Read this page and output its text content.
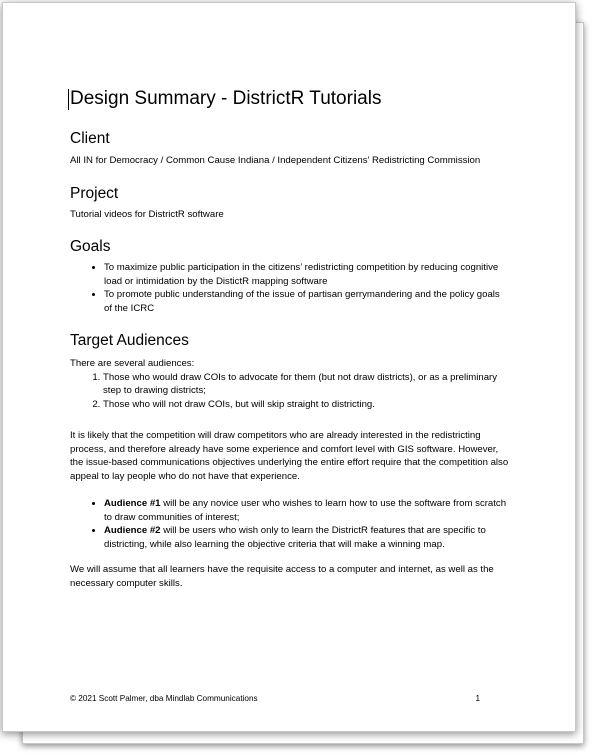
Design Summary - DistrictR Tutorials
Client

All IN for Democracy / Common Cause Indiana / Independent Citizens’ Redistricting Commission

Project

Tutorial videos for DistrictR software

Goals
• To maximize public participation in the citizens’ redistricting competition by reducing cognitive load or intimidation by the DistictR mapping software
• To promote public understanding of the issue of partisan gerrymandering and the policy goals of the ICRC
Target Audiences

There are several audiences:

1. Those who would draw COIs to advocate for them (but not draw districts), or as a preliminary step to drawing districts;
2. Those who will not draw COIs, but will skip straight to districting.

It is likely that the competition will draw competitors who are already interested in the redistricting process, and therefore already have some experience and comfort level with GIS software. However, the issue-based communications objectives underlying the entire effort require that the competition also appeal to lay people who do not have that experience.

• Audience #1 will be any novice user who wishes to learn how to use the software from scratch to draw communities of interest;
• Audience #2 will be users who wish only to learn the DistrictR features that are specific to districting, while also learning the objective criteria that will make a winning map.

We will assume that all learners have the requisite access to a computer and internet, as well as the necessary computer skills.

© 2021 Scott Palmer, dba Mindlab Communications	1
